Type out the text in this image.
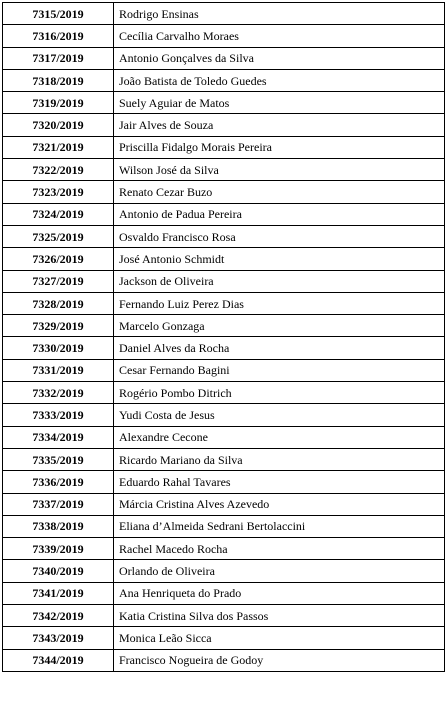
7315/2019	Rodrigo Ensinas
7316/2019	Cecília Carvalho Moraes
7317/2019	Antonio Gonçalves da Silva
7318/2019	João Batista de Toledo Guedes
7319/2019	Suely Aguiar de Matos
7320/2019	Jair Alves de Souza
7321/2019	Priscilla Fidalgo Morais Pereira
7322/2019	Wilson José da Silva
7323/2019	Renato Cezar Buzo
7324/2019	Antonio de Padua Pereira
7325/2019	Osvaldo Francisco Rosa
7326/2019	José Antonio Schmidt
7327/2019	Jackson de Oliveira
7328/2019	Fernando Luiz Perez Dias
7329/2019	Marcelo Gonzaga
7330/2019	Daniel Alves da Rocha
7331/2019	Cesar Fernando Bagini
7332/2019	Rogério Pombo Ditrich
7333/2019	Yudi Costa de Jesus
7334/2019	Alexandre Cecone
7335/2019	Ricardo Mariano da Silva
7336/2019	Eduardo Rahal Tavares
7337/2019	Márcia Cristina Alves Azevedo
7338/2019	Eliana d’Almeida Sedrani Bertolaccini
7339/2019	Rachel Macedo Rocha
7340/2019	Orlando de Oliveira
7341/2019	Ana Henriqueta do Prado
7342/2019	Katia Cristina Silva dos Passos
7343/2019	Monica Leão Sicca
7344/2019	Francisco Nogueira de Godoy
